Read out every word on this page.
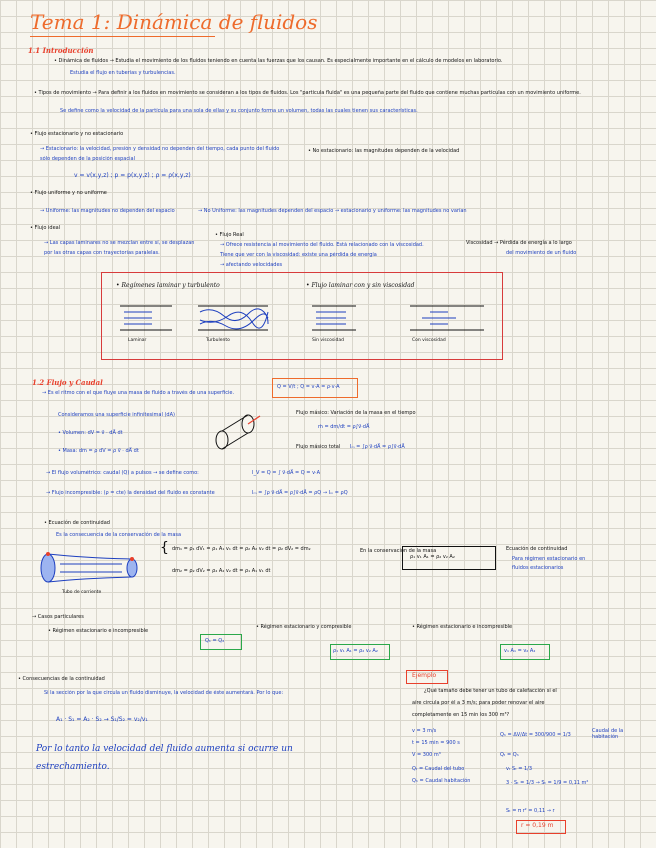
Tema 1: Dinámica de fluidos
1.1 Introducción
• Dinámica de fluidos → Estudia el movimiento de los fluidos teniendo en cuenta las fuerzas que los causan. Es especialmente importante en el cálculo de modelos en laboratorio.
Estudia el flujo en tuberías y turbulencias.
• Tipos de movimiento → Para definir a los fluidos en movimiento se consideran a los tipos de fluidos. Los "partícula fluida" es una pequeña parte del fluido que contiene muchas partículas con un movimiento uniforme.
Se define como la velocidad de la partícula para una sola de ellas y su conjunto forma un volumen, todas las cuales tienen sus características.
• Flujo estacionario y no estacionario
→ Estacionario: la velocidad, presión y densidad no dependen del tiempo, cada punto del fluido
sólo dependen de la posición espacial
v = v(x,y,z) ; p = p(x,y,z) ; ρ = ρ(x,y,z)
• No estacionario: las magnitudes dependen de la velocidad
• Flujo uniforme y no uniforme
→ Uniforme: las magnitudes no dependen del espacio	→ No Uniforme: las magnitudes dependen del espacio → estacionario y uniforme: las magnitudes no varían
• Flujo ideal
→ Las capas laminares no se mezclan entre sí, se desplazan
por las otras capas con trayectorias paralelas.
• Flujo Real
→ Ofrece resistencia al movimiento del fluido. Está relacionado con la viscosidad.
Tiene que ver con la viscosidad: existe una pérdida de energía
→ afectando velocidades
Viscosidad → Pérdida de energía a lo largo
del movimiento de un fluido
• Regímenes laminar y turbulento	• Flujo laminar con y sin viscosidad
Laminar	Turbulento	Sin viscosidad	Con viscosidad
1.2 Flujo y Caudal
→ Es el ritmo con el que fluye una masa de fluido a través de una superficie.
Consideramos una superficie infinitesimal (dA)
• Volumen: dV = v⃗ · dA⃗ dt
• Masa: dm = ρ dV = ρ v⃗ · dA⃗ dt
Q = V/t ; Q = v·A = ρ·v·A
Flujo másico: Variación de la masa en el tiempo
ṁ = dm/dt = ρ∫v⃗·dA⃗
Flujo másico total Iₘ = ∫ρ v⃗·dA⃗ = ρ∫v⃗·dA⃗
→ El flujo volumétrico: caudal (Q) a pulsos → se define como:	I_V = Q = ∫ v⃗·dA⃗ = Q = v·A
→ Flujo incompresible: (ρ = cte) la densidad del fluido es constante	Iₘ = ∫ρ v⃗·dA⃗ = ρ∫v⃗·dA⃗ = ρQ → Iₘ = ρQ
• Ecuación de continuidad
Es la consecuencia de la conservación de la masa
Tubo de corriente
{ dm₁ = ρ₁ dV₁ = ρ₁ A₁ v₁ dt = ρ₂ A₂ v₂ dt = ρ₂ dV₂ = dm₂
dm₂ = ρ₂ dV₂ = ρ₂ A₂ v₂ dt = ρ₁ A₁ v₁ dt
En la conservación de la masa
ρ₁ v₁ A₁ = ρ₂ v₂ A₂
Ecuación de continuidad
Para régimen estacionario en
fluidos estacionarios
→ Casos particulares
• Régimen estacionario e incompresible
Q₁ = Q₂
• Régimen estacionario y compresible
ρ₁ v₁ A₁ = ρ₂ v₂ A₂
• Régimen estacionario e incompresible
v₁ A₁ = v₂ A₂
• Consecuencias de la continuidad
Si la sección por la que circula un fluido disminuye, la velocidad de éste aumentará. Por lo que:
A₁ · S₁ = A₂ · S₂ → S₁/S₂ = v₂/v₁
Por lo tanto la velocidad del fluido aumenta si ocurre un
estrechamiento.
Ejemplo
¿Qué tamaño debe tener un tubo de calefacción si el
aire circula por él a 3 m/s; para poder renovar el aire
completamente en 15 min los 300 m³?
v = 3 m/s
t = 15 min = 900 s
V = 300 m³
Qₜ = Caudal del tubo
Qₕ = Caudal habitación
Qₕ = ΔV/Δt = 300/900 = 1/3
Caudal de la habitación
Qₜ = Qₕ
vₜ Sₜ = 1/3
3 · Sₜ = 1/3 → Sₜ = 1/9 = 0,11 m²
Sₜ = π r² = 0,11 → r
r = 0,19 m
